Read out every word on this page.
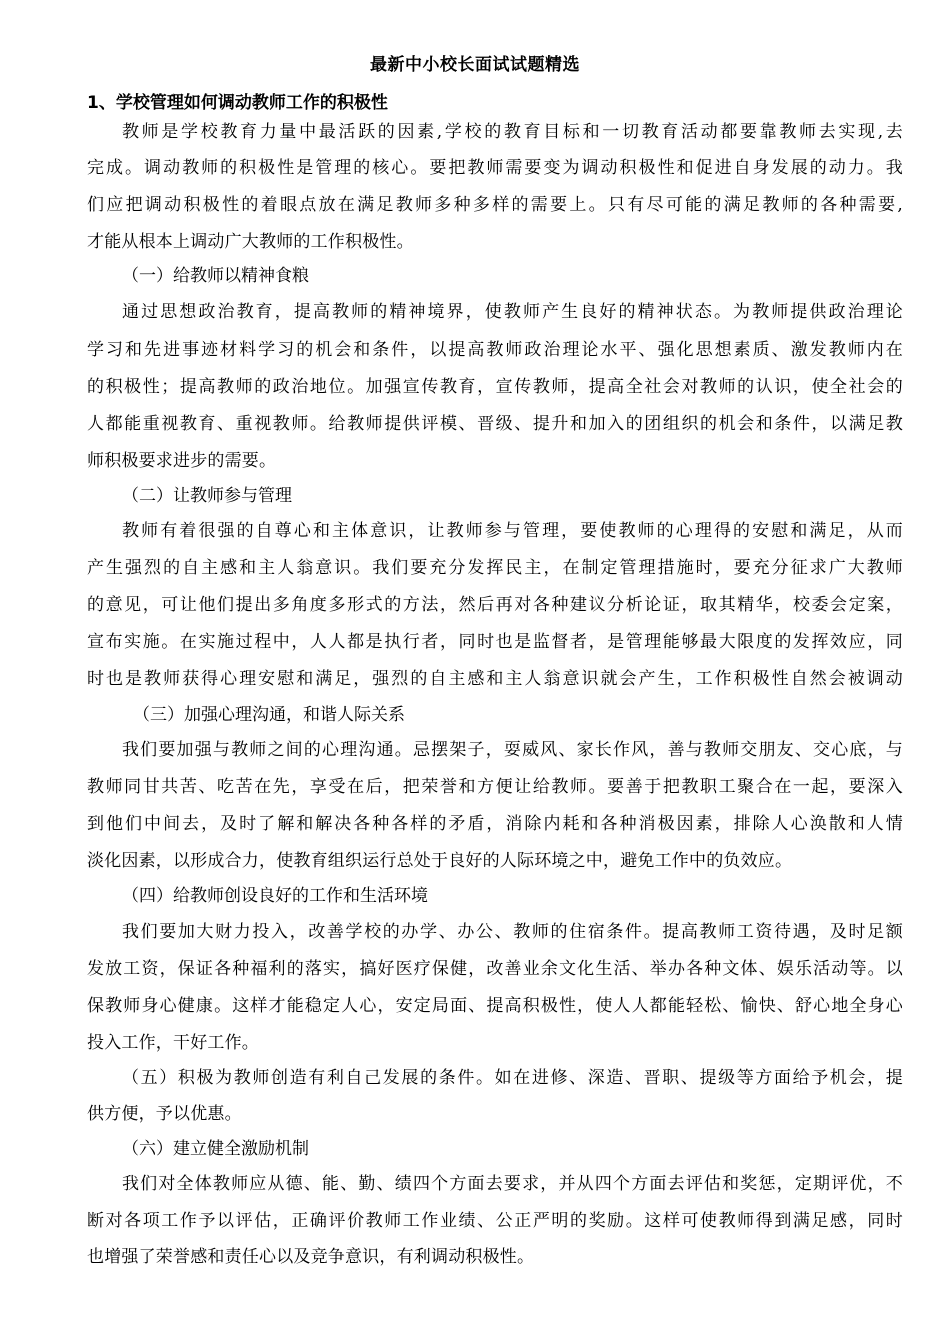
最新中小校长面试试题精选
1、学校管理如何调动教师工作的积极性
教师是学校教育力量中最活跃的因素,学校的教育目标和一切教育活动都要靠教师去实现,去
完成。调动教师的积极性是管理的核心。要把教师需要变为调动积极性和促进自身发展的动力。我
们应把调动积极性的着眼点放在满足教师多种多样的需要上。只有尽可能的满足教师的各种需要,
才能从根本上调动广大教师的工作积极性。
（一）给教师以精神食粮
通过思想政治教育，提高教师的精神境界，使教师产生良好的精神状态。为教师提供政治理论
学习和先进事迹材料学习的机会和条件，以提高教师政治理论水平、强化思想素质、激发教师内在
的积极性；提高教师的政治地位。加强宣传教育，宣传教师，提高全社会对教师的认识，使全社会的
人都能重视教育、重视教师。给教师提供评模、晋级、提升和加入的团组织的机会和条件，以满足教
师积极要求进步的需要。
（二）让教师参与管理
教师有着很强的自尊心和主体意识，让教师参与管理，要使教师的心理得的安慰和满足，从而
产生强烈的自主感和主人翁意识。我们要充分发挥民主，在制定管理措施时，要充分征求广大教师
的意见，可让他们提出多角度多形式的方法，然后再对各种建议分析论证，取其精华，校委会定案，
宣布实施。在实施过程中，人人都是执行者，同时也是监督者，是管理能够最大限度的发挥效应，同
时也是教师获得心理安慰和满足，强烈的自主感和主人翁意识就会产生，工作积极性自然会被调动
（三）加强心理沟通，和谐人际关系
我们要加强与教师之间的心理沟通。忌摆架子，耍威风、家长作风，善与教师交朋友、交心底，与
教师同甘共苦、吃苦在先，享受在后，把荣誉和方便让给教师。要善于把教职工聚合在一起，要深入
到他们中间去，及时了解和解决各种各样的矛盾，消除内耗和各种消极因素，排除人心涣散和人情
淡化因素，以形成合力，使教育组织运行总处于良好的人际环境之中，避免工作中的负效应。
（四）给教师创设良好的工作和生活环境
我们要加大财力投入，改善学校的办学、办公、教师的住宿条件。提高教师工资待遇，及时足额
发放工资，保证各种福利的落实，搞好医疗保健，改善业余文化生活、举办各种文体、娱乐活动等。以
保教师身心健康。这样才能稳定人心，安定局面、提高积极性，使人人都能轻松、愉快、舒心地全身心
投入工作，干好工作。
（五）积极为教师创造有利自己发展的条件。如在进修、深造、晋职、提级等方面给予机会，提
供方便，予以优惠。
（六）建立健全激励机制
我们对全体教师应从德、能、勤、绩四个方面去要求，并从四个方面去评估和奖惩，定期评优，不
断对各项工作予以评估，正确评价教师工作业绩、公正严明的奖励。这样可使教师得到满足感，同时
也增强了荣誉感和责任心以及竞争意识，有利调动积极性。
